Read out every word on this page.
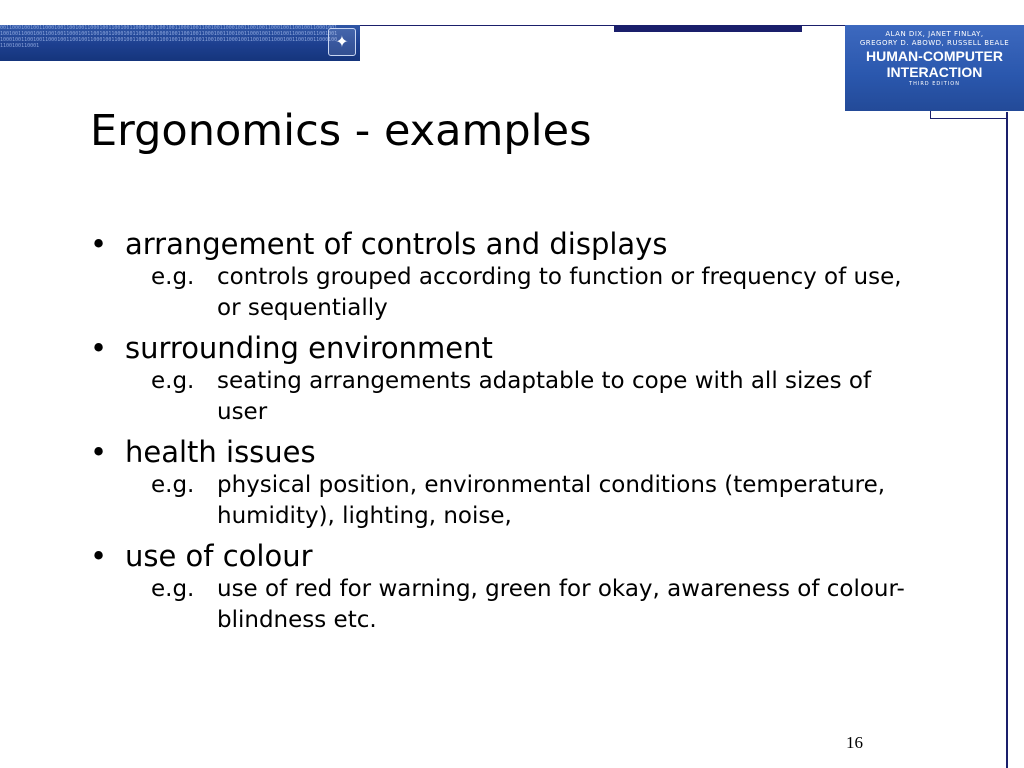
0011000100100110001001100100110001001100100110001001100100110001001100100110001001100100110001001100100110001001100100110001001100100110001001100100110001001100100110001001100100110001001100100110001001100100110001001100100110001001100100110001001100100110001001100100110001001100100110001001100100110001001100100110001001100100110001001100100110001	✦	ALAN DIX, JANET FINLAY,
GREGORY D. ABOWD, RUSSELL BEALE
HUMAN-COMPUTER
INTERACTION
THIRD EDITION
Ergonomics - examples
• arrangement of controls and displays
e.g. controls grouped according to function or frequency of use, or sequentially
• surrounding environment
e.g. seating arrangements adaptable to cope with all sizes of user
• health issues
e.g. physical position, environmental conditions (temperature, humidity), lighting, noise,
• use of colour
e.g. use of red for warning, green for okay, awareness of colour-blindness etc.
16
